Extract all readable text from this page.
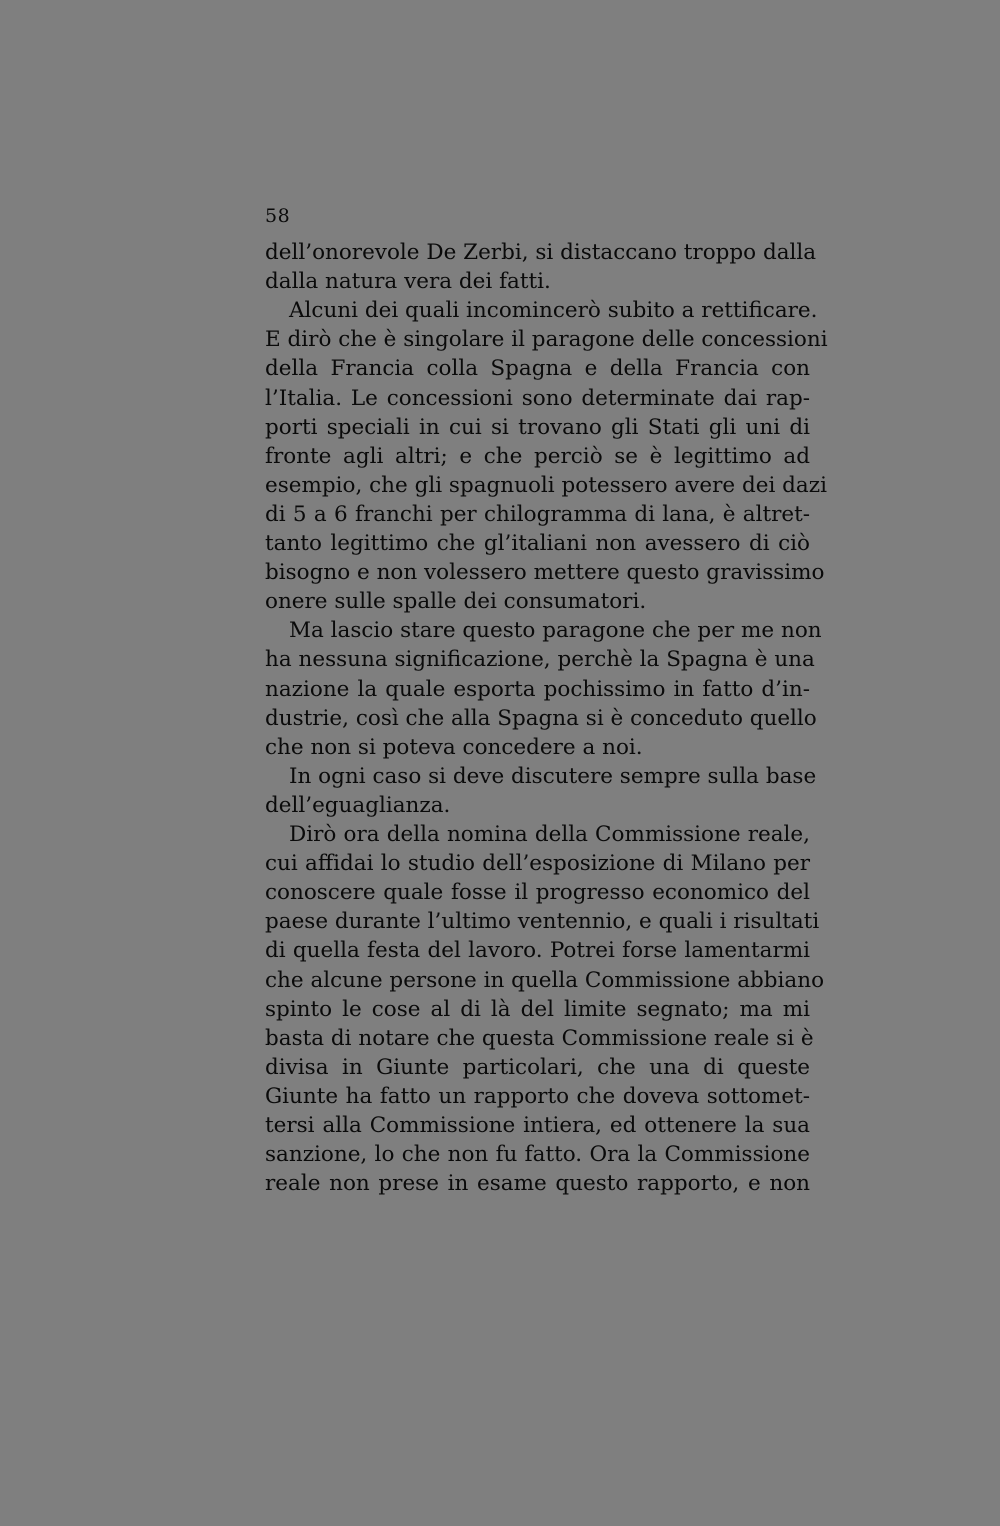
58
dell’onorevole De Zerbi, si distaccano troppo dalla
dalla natura vera dei fatti.
Alcuni dei quali incomincerò subito a rettificare.
E dirò che è singolare il paragone delle concessioni
della Francia colla Spagna e della Francia con
l’Italia. Le concessioni sono determinate dai rap-
porti speciali in cui si trovano gli Stati gli uni di
fronte agli altri; e che perciò se è legittimo ad
esempio, che gli spagnuoli potessero avere dei dazi
di 5 a 6 franchi per chilogramma di lana, è altret-
tanto legittimo che gl’italiani non avessero di ciò
bisogno e non volessero mettere questo gravissimo
onere sulle spalle dei consumatori.
Ma lascio stare questo paragone che per me non
ha nessuna significazione, perchè la Spagna è una
nazione la quale esporta pochissimo in fatto d’in-
dustrie, così che alla Spagna si è conceduto quello
che non si poteva concedere a noi.
In ogni caso si deve discutere sempre sulla base
dell’eguaglianza.
Dirò ora della nomina della Commissione reale,
cui affidai lo studio dell’esposizione di Milano per
conoscere quale fosse il progresso economico del
paese durante l’ultimo ventennio, e quali i risultati
di quella festa del lavoro. Potrei forse lamentarmi
che alcune persone in quella Commissione abbiano
spinto le cose al di là del limite segnato; ma mi
basta di notare che questa Commissione reale si è
divisa in Giunte particolari, che una di queste
Giunte ha fatto un rapporto che doveva sottomet-
tersi alla Commissione intiera, ed ottenere la sua
sanzione, lo che non fu fatto. Ora la Commissione
reale non prese in esame questo rapporto, e non
